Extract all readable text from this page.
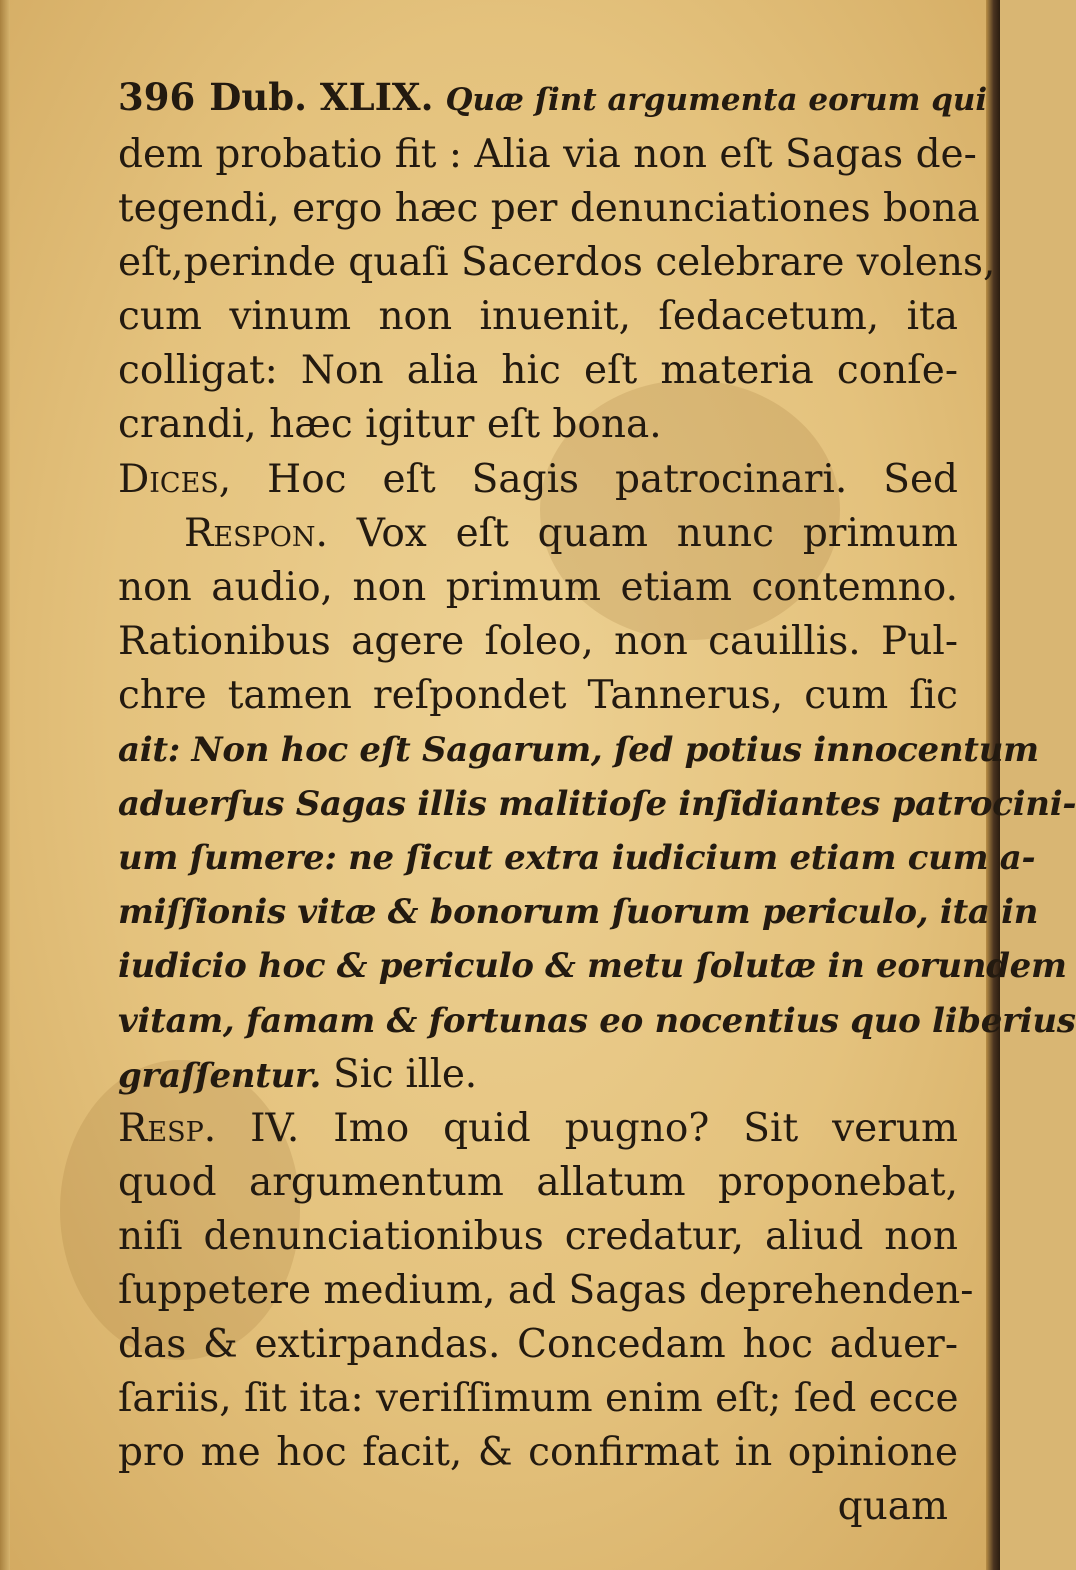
396 Dub. XLIX. Quæ ſint argumenta eorum qui
dem probatio fit : Alia via non eſt Sagas de-
tegendi, ergo hæc per denunciationes bona
eſt,perinde quaſi Sacerdos celebrare volens,
cum vinum non inuenit, ſedacetum, ita
colligat: Non alia hic eſt materia conſe-
crandi, hæc igitur eſt bona.
Dices, Hoc eſt Sagis patrocinari. Sed
Respon. Vox eſt quam nunc primum
non audio, non primum etiam contemno.
Rationibus agere ſoleo, non cauillis. Pul-
chre tamen reſpondet Tannerus, cum ſic
ait: Non hoc eſt Sagarum, ſed potius innocentum
aduerſus Sagas illis malitioſe inſidiantes patrocini-
um ſumere: ne ſicut extra iudicium etiam cum a-
miſſionis vitæ & bonorum ſuorum periculo, ita in
iudicio hoc & periculo & metu ſolutæ in eorundem
vitam, famam & fortunas eo nocentius quo liberius
graſſentur. Sic ille.
Resp. IV. Imo quid pugno? Sit verum
quod argumentum allatum proponebat,
niſi denunciationibus credatur, aliud non
ſuppetere medium, ad Sagas deprehenden-
das & extirpandas. Concedam hoc aduer-
ſariis, ſit ita: veriſſimum enim eſt; ſed ecce
pro me hoc facit, & confirmat in opinione
quam
